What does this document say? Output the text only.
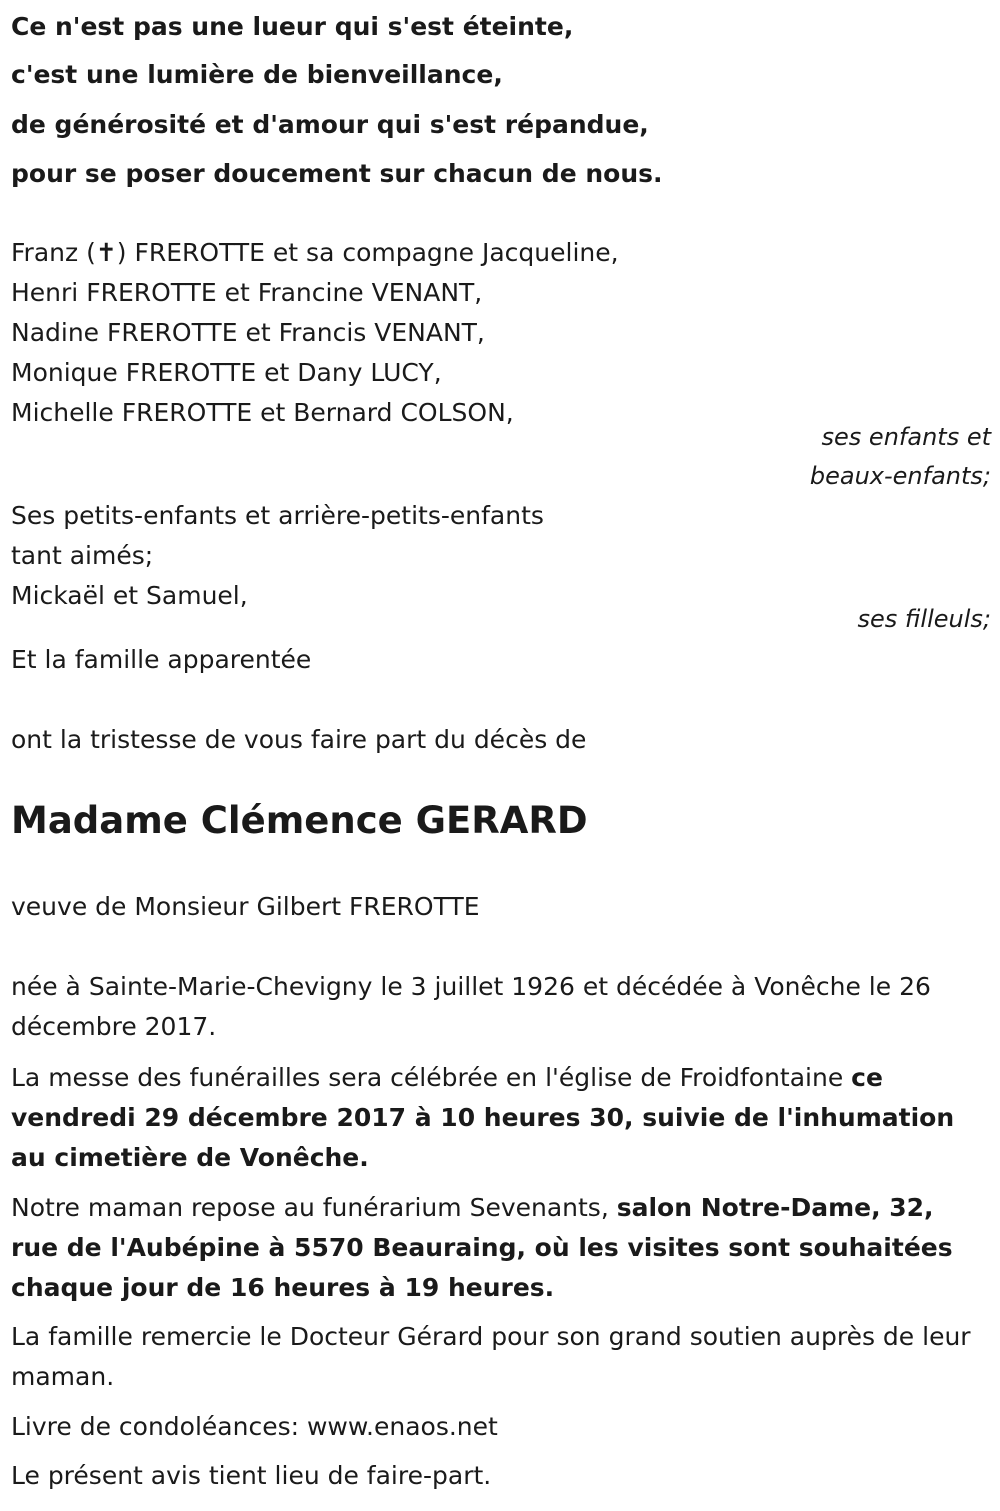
Ce n'est pas une lueur qui s'est éteinte,
c'est une lumière de bienveillance,
de générosité et d'amour qui s'est répandue,
pour se poser doucement sur chacun de nous.
Franz (✝) FREROTTE et sa compagne Jacqueline,
Henri FREROTTE et Francine VENANT,
Nadine FREROTTE et Francis VENANT,
Monique FREROTTE et Dany LUCY,
Michelle FREROTTE et Bernard COLSON,
ses enfants et
beaux-enfants;
Ses petits-enfants et arrière-petits-enfants
tant aimés;
Mickaël et Samuel,
ses filleuls;
Et la famille apparentée
ont la tristesse de vous faire part du décès de
Madame Clémence GERARD
veuve de Monsieur Gilbert FREROTTE
née à Sainte-Marie-Chevigny le 3 juillet 1926 et décédée à Vonêche le 26 décembre 2017.
La messe des funérailles sera célébrée en l'église de Froidfontaine ce vendredi 29 décembre 2017 à 10 heures 30, suivie de l'inhumation au cimetière de Vonêche.
Notre maman repose au funérarium Sevenants, salon Notre-Dame, 32, rue de l'Aubépine à 5570 Beauraing, où les visites sont souhaitées chaque jour de 16 heures à 19 heures.
La famille remercie le Docteur Gérard pour son grand soutien auprès de leur maman.
Livre de condoléances: www.enaos.net
Le présent avis tient lieu de faire-part.
